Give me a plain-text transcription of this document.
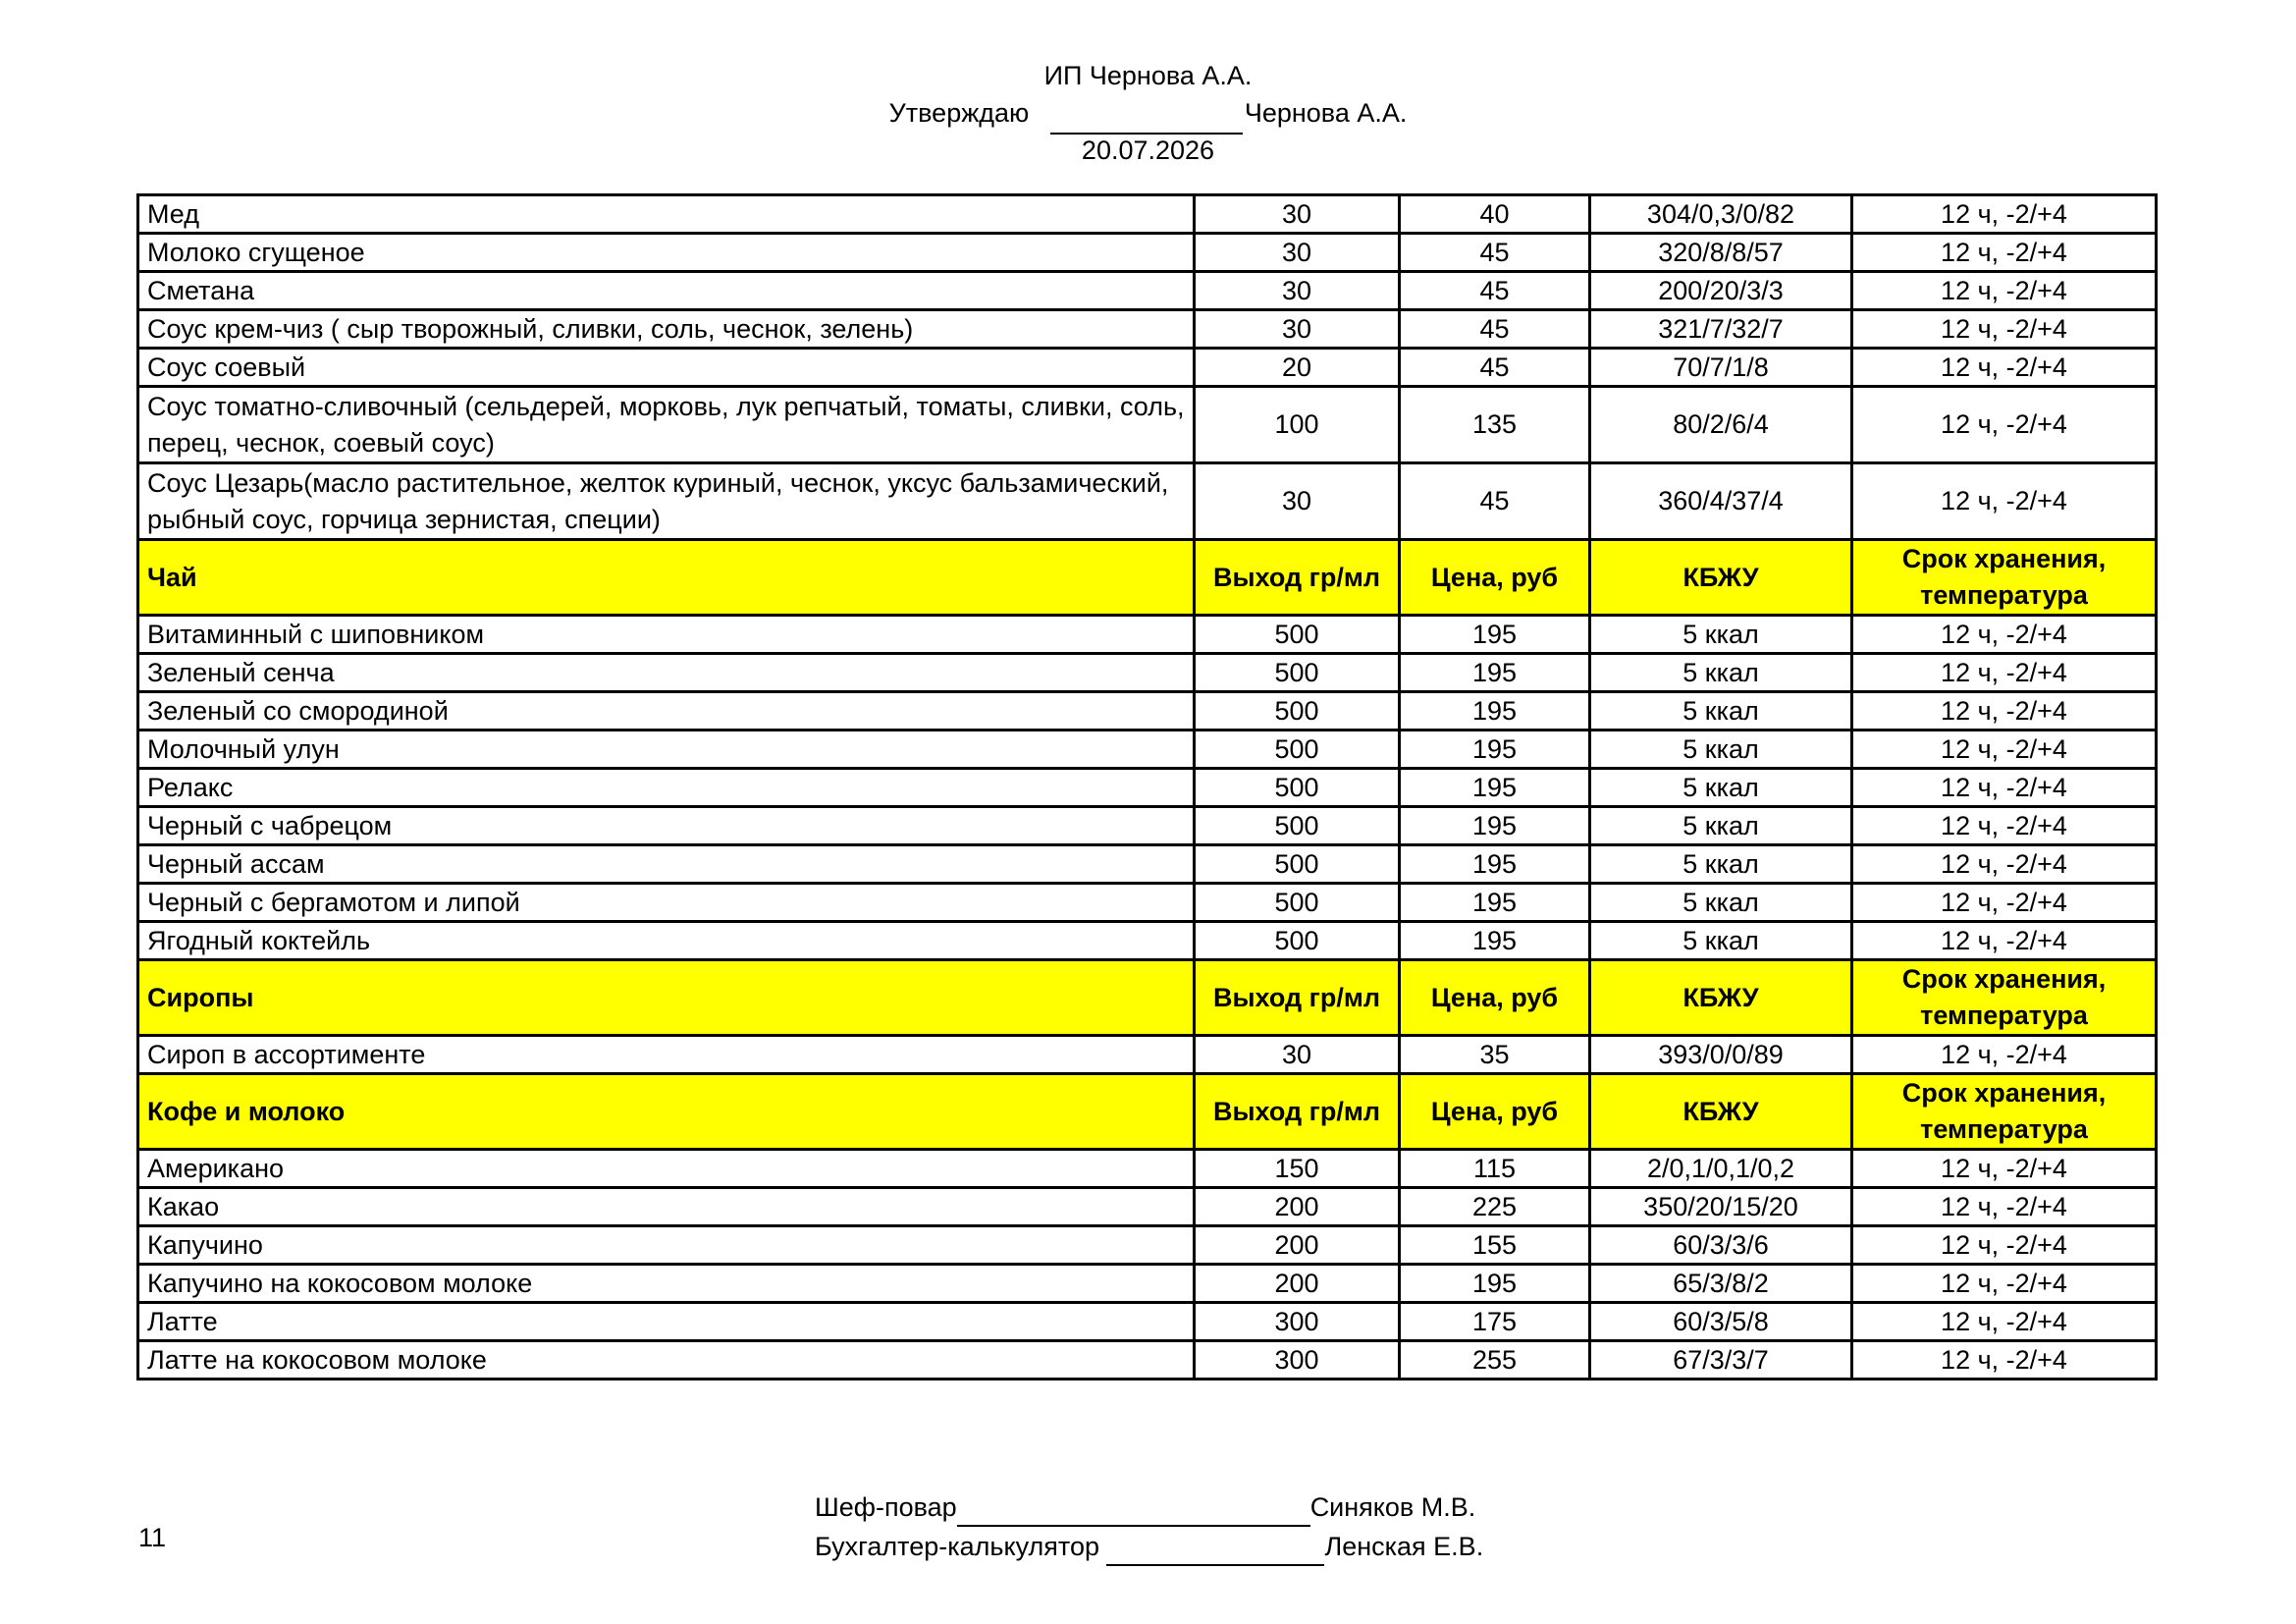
ИП Чернова А.А.
Утверждаю	Чернова А.А.
20.07.2026
Мед	30	40	304/0,3/0/82	12 ч, -2/+4
Молоко сгущеное	30	45	320/8/8/57	12 ч, -2/+4
Сметана	30	45	200/20/3/3	12 ч, -2/+4
Соус крем-чиз ( сыр творожный, сливки, соль, чеснок, зелень)	30	45	321/7/32/7	12 ч, -2/+4
Соус соевый	20	45	70/7/1/8	12 ч, -2/+4
Соус томатно-сливочный (сельдерей, морковь, лук репчатый, томаты, сливки, соль, перец, чеснок, соевый соус)	100	135	80/2/6/4	12 ч, -2/+4
Соус Цезарь(масло растительное, желток куриный, чеснок, уксус бальзамический, рыбный соус, горчица зернистая, специи)	30	45	360/4/37/4	12 ч, -2/+4
Чай	Выход гр/мл	Цена, руб	КБЖУ	Срок хранения, температура
Витаминный с шиповником	500	195	5 ккал	12 ч, -2/+4
Зеленый сенча	500	195	5 ккал	12 ч, -2/+4
Зеленый со смородиной	500	195	5 ккал	12 ч, -2/+4
Молочный улун	500	195	5 ккал	12 ч, -2/+4
Релакс	500	195	5 ккал	12 ч, -2/+4
Черный с чабрецом	500	195	5 ккал	12 ч, -2/+4
Черный ассам	500	195	5 ккал	12 ч, -2/+4
Черный с бергамотом и липой	500	195	5 ккал	12 ч, -2/+4
Ягодный коктейль	500	195	5 ккал	12 ч, -2/+4
Сиропы	Выход гр/мл	Цена, руб	КБЖУ	Срок хранения, температура
Сироп в ассортименте	30	35	393/0/0/89	12 ч, -2/+4
Кофе и молоко	Выход гр/мл	Цена, руб	КБЖУ	Срок хранения, температура
Американо	150	115	2/0,1/0,1/0,2	12 ч, -2/+4
Какао	200	225	350/20/15/20	12 ч, -2/+4
Капучино	200	155	60/3/3/6	12 ч, -2/+4
Капучино на кокосовом молоке	200	195	65/3/8/2	12 ч, -2/+4
Латте	300	175	60/3/5/8	12 ч, -2/+4
Латте на кокосовом молоке	300	255	67/3/3/7	12 ч, -2/+4
Шеф-повар	Синяков М.В.
Бухгалтер-калькулятор	Ленская Е.В.
11
